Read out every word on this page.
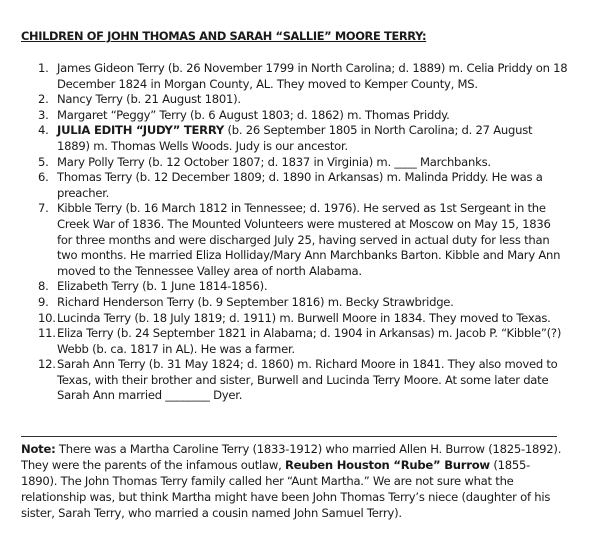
CHILDREN OF JOHN THOMAS AND SARAH “SALLIE” MOORE TERRY:
1. James Gideon Terry (b. 26 November 1799 in North Carolina; d. 1889) m. Celia Priddy on 18 December 1824 in Morgan County, AL. They moved to Kemper County, MS.
2. Nancy Terry (b. 21 August 1801).
3. Margaret “Peggy” Terry (b. 6 August 1803; d. 1862) m. Thomas Priddy.
4. JULIA EDITH “JUDY” TERRY (b. 26 September 1805 in North Carolina; d. 27 August 1889) m. Thomas Wells Woods. Judy is our ancestor.
5. Mary Polly Terry (b. 12 October 1807; d. 1837 in Virginia) m. ____ Marchbanks.
6. Thomas Terry (b. 12 December 1809; d. 1890 in Arkansas) m. Malinda Priddy. He was a preacher.
7. Kibble Terry (b. 16 March 1812 in Tennessee; d. 1976). He served as 1st Sergeant in the Creek War of 1836. The Mounted Volunteers were mustered at Moscow on May 15, 1836 for three months and were discharged July 25, having served in actual duty for less than two months. He married Eliza Holliday/Mary Ann Marchbanks Barton. Kibble and Mary Ann moved to the Tennessee Valley area of north Alabama.
8. Elizabeth Terry (b. 1 June 1814-1856).
9. Richard Henderson Terry (b. 9 September 1816) m. Becky Strawbridge.
10. Lucinda Terry (b. 18 July 1819; d. 1911) m. Burwell Moore in 1834. They moved to Texas.
11. Eliza Terry (b. 24 September 1821 in Alabama; d. 1904 in Arkansas) m. Jacob P. “Kibble”(?) Webb (b. ca. 1817 in AL). He was a farmer.
12. Sarah Ann Terry (b. 31 May 1824; d. 1860) m. Richard Moore in 1841. They also moved to Texas, with their brother and sister, Burwell and Lucinda Terry Moore. At some later date Sarah Ann married ________ Dyer.

Note: There was a Martha Caroline Terry (1833-1912) who married Allen H. Burrow (1825-1892). They were the parents of the infamous outlaw, Reuben Houston “Rube” Burrow (1855-1890). The John Thomas Terry family called her “Aunt Martha.” We are not sure what the relationship was, but think Martha might have been John Thomas Terry’s niece (daughter of his sister, Sarah Terry, who married a cousin named John Samuel Terry).
